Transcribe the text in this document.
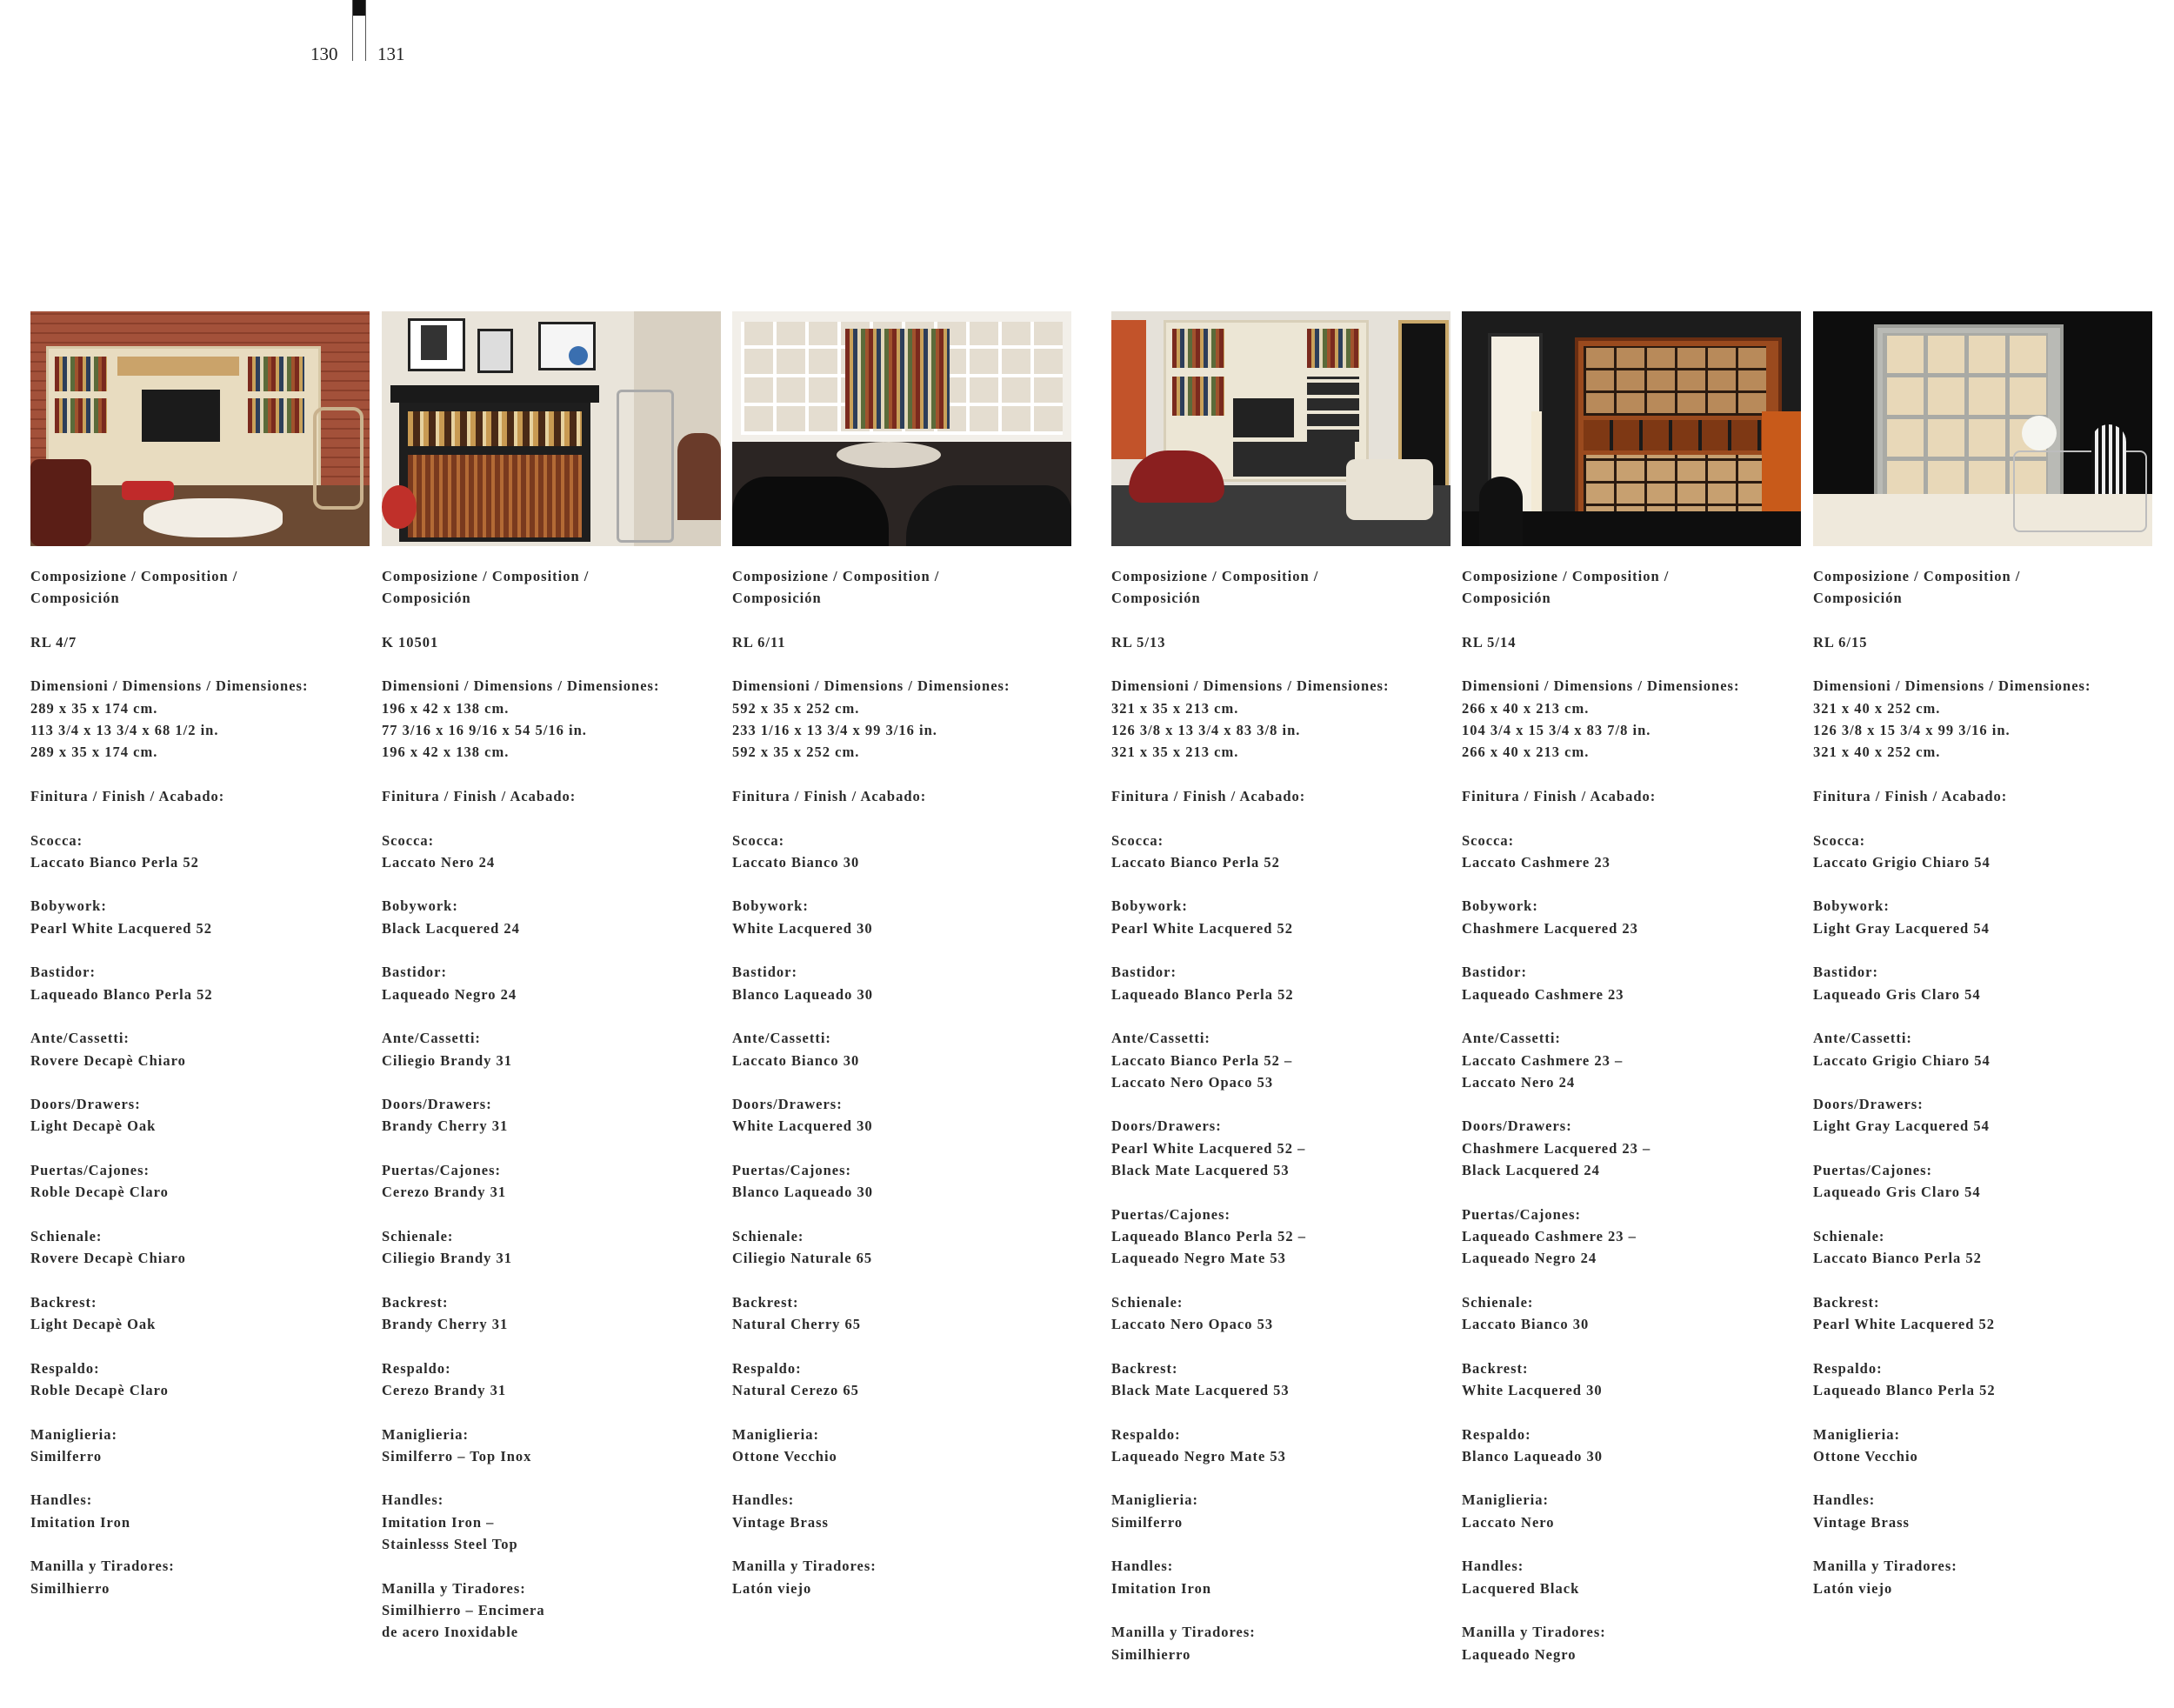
130 131
Composizione / Composition /
Composición
RL 4/7
Dimensioni / Dimensions / Dimensiones:
289 x 35 x 174 cm.
113 3/4 x 13 3/4 x 68 1/2 in.
289 x 35 x 174 cm.
Finitura / Finish / Acabado:
Scocca:
Laccato Bianco Perla 52
Bobywork:
Pearl White Lacquered 52
Bastidor:
Laqueado Blanco Perla 52
Ante/Cassetti:
Rovere Decapè Chiaro
Doors/Drawers:
Light Decapè Oak
Puertas/Cajones:
Roble Decapè Claro
Schienale:
Rovere Decapè Chiaro
Backrest:
Light Decapè Oak
Respaldo:
Roble Decapè Claro
Maniglieria:
Similferro
Handles:
Imitation Iron
Manilla y Tiradores:
Similhierro
Composizione / Composition /
Composición
K 10501
Dimensioni / Dimensions / Dimensiones:
196 x 42 x 138 cm.
77 3/16 x 16 9/16 x 54 5/16 in.
196 x 42 x 138 cm.
Finitura / Finish / Acabado:
Scocca:
Laccato Nero 24
Bobywork:
Black Lacquered 24
Bastidor:
Laqueado Negro 24
Ante/Cassetti:
Ciliegio Brandy 31
Doors/Drawers:
Brandy Cherry 31
Puertas/Cajones:
Cerezo Brandy 31
Schienale:
Ciliegio Brandy 31
Backrest:
Brandy Cherry 31
Respaldo:
Cerezo Brandy 31
Maniglieria:
Similferro – Top Inox
Handles:
Imitation Iron –
Stainlesss Steel Top
Manilla y Tiradores:
Similhierro – Encimera
de acero Inoxidable
Composizione / Composition /
Composición
RL 6/11
Dimensioni / Dimensions / Dimensiones:
592 x 35 x 252 cm.
233 1/16 x 13 3/4 x 99 3/16 in.
592 x 35 x 252 cm.
Finitura / Finish / Acabado:
Scocca:
Laccato Bianco 30
Bobywork:
White Lacquered 30
Bastidor:
Blanco Laqueado 30
Ante/Cassetti:
Laccato Bianco 30
Doors/Drawers:
White Lacquered 30
Puertas/Cajones:
Blanco Laqueado 30
Schienale:
Ciliegio Naturale 65
Backrest:
Natural Cherry 65
Respaldo:
Natural Cerezo 65
Maniglieria:
Ottone Vecchio
Handles:
Vintage Brass
Manilla y Tiradores:
Latón viejo
Composizione / Composition /
Composición
RL 5/13
Dimensioni / Dimensions / Dimensiones:
321 x 35 x 213 cm.
126 3/8 x 13 3/4 x 83 3/8 in.
321 x 35 x 213 cm.
Finitura / Finish / Acabado:
Scocca:
Laccato Bianco Perla 52
Bobywork:
Pearl White Lacquered 52
Bastidor:
Laqueado Blanco Perla 52
Ante/Cassetti:
Laccato Bianco Perla 52 –
Laccato Nero Opaco 53
Doors/Drawers:
Pearl White Lacquered 52 –
Black Mate Lacquered 53
Puertas/Cajones:
Laqueado Blanco Perla 52 –
Laqueado Negro Mate 53
Schienale:
Laccato Nero Opaco 53
Backrest:
Black Mate Lacquered 53
Respaldo:
Laqueado Negro Mate 53
Maniglieria:
Similferro
Handles:
Imitation Iron
Manilla y Tiradores:
Similhierro
Composizione / Composition /
Composición
RL 5/14
Dimensioni / Dimensions / Dimensiones:
266 x 40 x 213 cm.
104 3/4 x 15 3/4 x 83 7/8 in.
266 x 40 x 213 cm.
Finitura / Finish / Acabado:
Scocca:
Laccato Cashmere 23
Bobywork:
Chashmere Lacquered 23
Bastidor:
Laqueado Cashmere 23
Ante/Cassetti:
Laccato Cashmere 23 –
Laccato Nero 24
Doors/Drawers:
Chashmere Lacquered 23 –
Black Lacquered 24
Puertas/Cajones:
Laqueado Cashmere 23 –
Laqueado Negro 24
Schienale:
Laccato Bianco 30
Backrest:
White Lacquered 30
Respaldo:
Blanco Laqueado 30
Maniglieria:
Laccato Nero
Handles:
Lacquered Black
Manilla y Tiradores:
Laqueado Negro
Composizione / Composition /
Composición
RL 6/15
Dimensioni / Dimensions / Dimensiones:
321 x 40 x 252 cm.
126 3/8 x 15 3/4 x 99 3/16 in.
321 x 40 x 252 cm.
Finitura / Finish / Acabado:
Scocca:
Laccato Grigio Chiaro 54
Bobywork:
Light Gray Lacquered 54
Bastidor:
Laqueado Gris Claro 54
Ante/Cassetti:
Laccato Grigio Chiaro 54
Doors/Drawers:
Light Gray Lacquered 54
Puertas/Cajones:
Laqueado Gris Claro 54
Schienale:
Laccato Bianco Perla 52
Backrest:
Pearl White Lacquered 52
Respaldo:
Laqueado Blanco Perla 52
Maniglieria:
Ottone Vecchio
Handles:
Vintage Brass
Manilla y Tiradores:
Latón viejo
